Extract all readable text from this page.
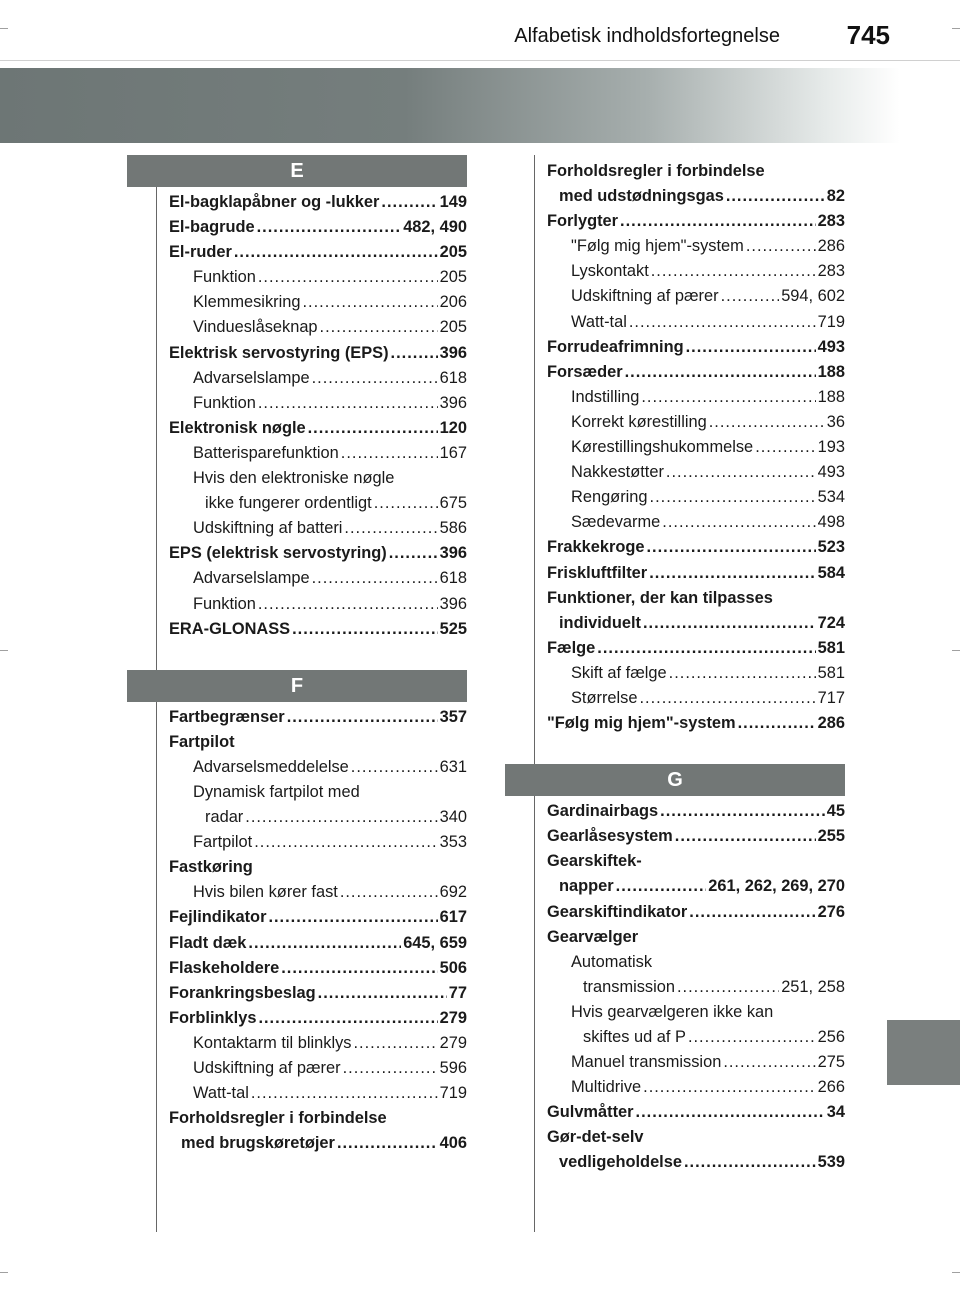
Alfabetisk indholdsfortegnelse	745
E
El-bagklapåbner og -lukker .....	149
El-bagrude .....	482, 490
El-ruder .....	205
Funktion .....	205
Klemmesikring .....	206
Vindueslåseknap .....	205
Elektrisk servostyring (EPS) .....	396
Advarselslampe .....	618
Funktion .....	396
Elektronisk nøgle .....	120
Batterisparefunktion .....	167
Hvis den elektroniske nøgle
ikke fungerer ordentligt .....	675
Udskiftning af batteri .....	586
EPS (elektrisk servostyring) .....	396
Advarselslampe .....	618
Funktion .....	396
ERA-GLONASS .....	525
F
Fartbegrænser .....	357
Fartpilot
Advarselsmeddelelse .....	631
Dynamisk fartpilot med
radar .....	340
Fartpilot .....	353
Fastkøring
Hvis bilen kører fast .....	692
Fejlindikator .....	617
Fladt dæk .....	645, 659
Flaskeholdere .....	506
Forankringsbeslag .....	77
Forblinklys .....	279
Kontaktarm til blinklys .....	279
Udskiftning af pærer .....	596
Watt-tal .....	719
Forholdsregler i forbindelse
med brugskøretøjer .....	406
Forholdsregler i forbindelse
med udstødningsgas .....	82
Forlygter .....	283
"Følg mig hjem"-system .....	286
Lyskontakt .....	283
Udskiftning af pærer .....	594, 602
Watt-tal .....	719
Forrudeafrimning .....	493
Forsæder .....	188
Indstilling .....	188
Korrekt kørestilling .....	36
Kørestillingshukommelse .....	193
Nakkestøtter .....	493
Rengøring .....	534
Sædevarme .....	498
Frakkekroge .....	523
Friskluftfilter .....	584
Funktioner, der kan tilpasses
individuelt .....	724
Fælge .....	581
Skift af fælge .....	581
Størrelse .....	717
"Følg mig hjem"-system .....	286
G
Gardinairbags .....	45
Gearlåsesystem .....	255
Gearskiftek-
napper .....	261, 262, 269, 270
Gearskiftindikator .....	276
Gearvælger
Automatisk
transmission .....	251, 258
Hvis gearvælgeren ikke kan
skiftes ud af P .....	256
Manuel transmission .....	275
Multidrive .....	266
Gulvmåtter .....	34
Gør-det-selv
vedligeholdelse .....	539
